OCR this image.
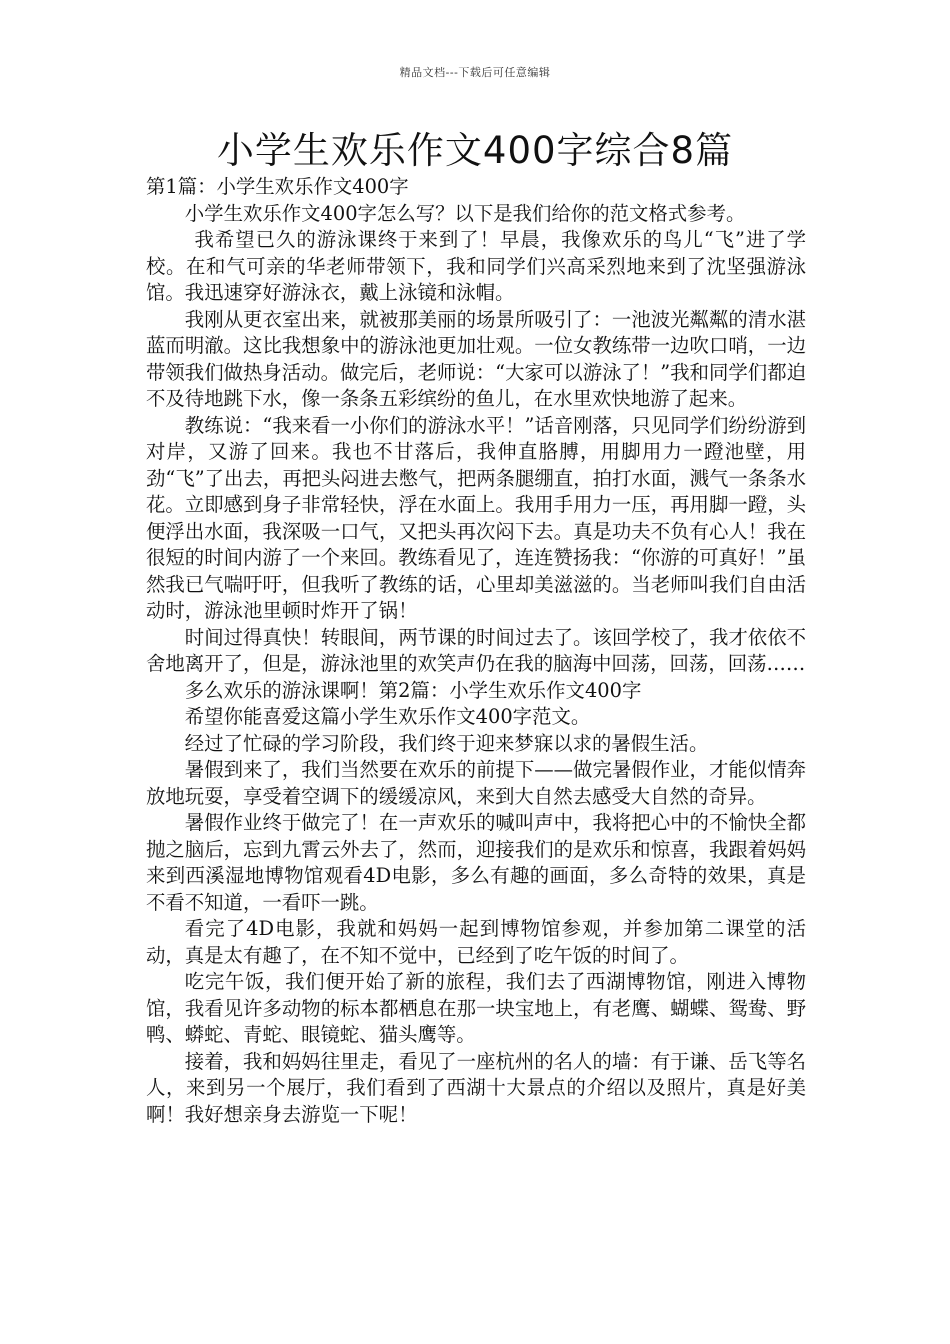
精品文档---下载后可任意编辑
小学生欢乐作文400字综合8篇

第1篇：小学生欢乐作文400字

小学生欢乐作文400字怎么写？以下是我们给你的范文格式参考。

我希望已久的游泳课终于来到了！早晨，我像欢乐的鸟儿“飞”进了学校。在和气可亲的华老师带领下，我和同学们兴高采烈地来到了沈坚强游泳馆。我迅速穿好游泳衣，戴上泳镜和泳帽。

我刚从更衣室出来，就被那美丽的场景所吸引了：一池波光粼粼的清水湛蓝而明澈。这比我想象中的游泳池更加壮观。一位女教练带一边吹口哨，一边带领我们做热身活动。做完后，老师说：“大家可以游泳了！”我和同学们都迫不及待地跳下水，像一条条五彩缤纷的鱼儿，在水里欢快地游了起来。

教练说：“我来看一小你们的游泳水平！”话音刚落，只见同学们纷纷游到对岸，又游了回来。我也不甘落后，我伸直胳膊，用脚用力一蹬池壁，用劲“飞”了出去，再把头闷进去憋气，把两条腿绷直，拍打水面，溅气一条条水花。立即感到身子非常轻快，浮在水面上。我用手用力一压，再用脚一蹬，头便浮出水面，我深吸一口气，又把头再次闷下去。真是功夫不负有心人！我在很短的时间内游了一个来回。教练看见了，连连赞扬我：“你游的可真好！”虽然我已气喘吁吁，但我听了教练的话，心里却美滋滋的。当老师叫我们自由活动时，游泳池里顿时炸开了锅！

时间过得真快！转眼间，两节课的时间过去了。该回学校了，我才依依不舍地离开了，但是，游泳池里的欢笑声仍在我的脑海中回荡，回荡，回荡……

多么欢乐的游泳课啊！第2篇：小学生欢乐作文400字

希望你能喜爱这篇小学生欢乐作文400字范文。

经过了忙碌的学习阶段，我们终于迎来梦寐以求的暑假生活。

暑假到来了，我们当然要在欢乐的前提下——做完暑假作业，才能似情奔放地玩耍，享受着空调下的缓缓凉风，来到大自然去感受大自然的奇异。

暑假作业终于做完了！在一声欢乐的喊叫声中，我将把心中的不愉快全都抛之脑后，忘到九霄云外去了，然而，迎接我们的是欢乐和惊喜，我跟着妈妈来到西溪湿地博物馆观看4D电影，多么有趣的画面，多么奇特的效果，真是不看不知道，一看吓一跳。

看完了4D电影，我就和妈妈一起到博物馆参观，并参加第二课堂的活动，真是太有趣了，在不知不觉中，已经到了吃午饭的时间了。

吃完午饭，我们便开始了新的旅程，我们去了西湖博物馆，刚进入博物馆，我看见许多动物的标本都栖息在那一块宝地上，有老鹰、蝴蝶、鸳鸯、野鸭、蟒蛇、青蛇、眼镜蛇、猫头鹰等。

接着，我和妈妈往里走，看见了一座杭州的名人的墙：有于谦、岳飞等名人，来到另一个展厅，我们看到了西湖十大景点的介绍以及照片，真是好美啊！我好想亲身去游览一下呢！
